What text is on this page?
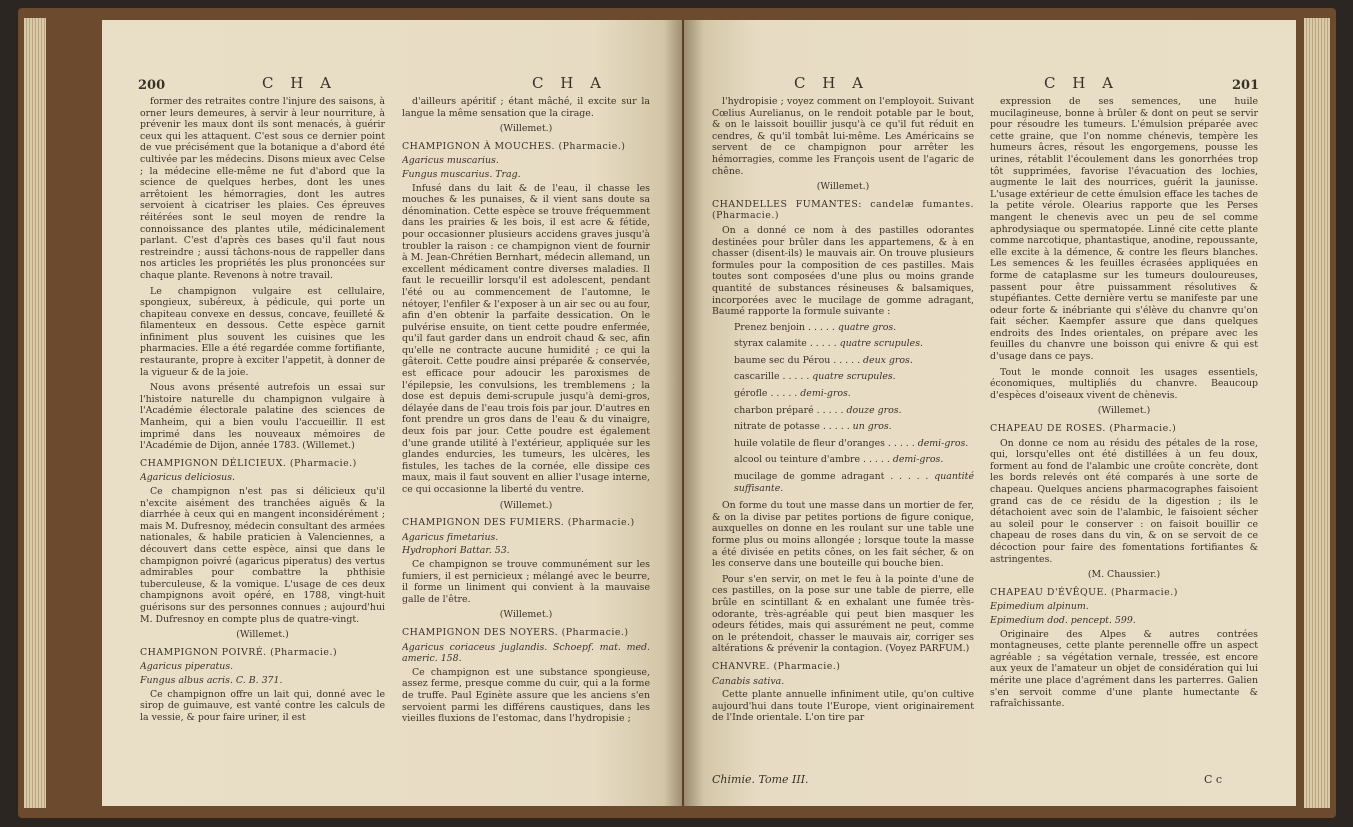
200	C H A	C H A

former des retraites contre l'injure des saisons, à orner leurs demeures, à servir à leur nourriture, à prévenir les maux dont ils sont menacés, à guérir ceux qui les attaquent. C'est sous ce dernier point de vue précisément que la botanique a d'abord été cultivée par les médecins. Disons mieux avec Celse ; la médecine elle-même ne fut d'abord que la science de quelques herbes, dont les unes arrêtoient les hémorragies, dont les autres servoient à cicatriser les plaies. Ces épreuves réitérées sont le seul moyen de rendre la connoissance des plantes utile, médicinalement parlant. C'est d'après ces bases qu'il faut nous restreindre ; aussi tâchons-nous de rappeller dans nos articles les propriétés les plus prononcées sur chaque plante. Revenons à notre travail.

Le champignon vulgaire est cellulaire, spongieux, subéreux, à pédicule, qui porte un chapiteau convexe en dessus, concave, feuilleté & filamenteux en dessous. Cette espèce garnit infiniment plus souvent les cuisines que les pharmacies. Elle a été regardée comme fortifiante, restaurante, propre à exciter l'appetit, à donner de la vigueur & de la joie.

Nous avons présenté autrefois un essai sur l'histoire naturelle du champignon vulgaire à l'Académie électorale palatine des sciences de Manheim, qui a bien voulu l'accueillir. Il est imprimé dans les nouveaux mémoires de l'Académie de Dijon, année 1783. (Willemet.)

CHAMPIGNON DÉLICIEUX. (Pharmacie.)

Agaricus deliciosus.

Ce champignon n'est pas si délicieux qu'il n'excite aisément des tranchées aiguës & la diarrhée à ceux qui en mangent inconsidérément ; mais M. Dufresnoy, médecin consultant des armées nationales, & habile praticien à Valenciennes, a découvert dans cette espèce, ainsi que dans le champignon poivré (agaricus piperatus) des vertus admirables pour combattre la phthisie tuberculeuse, & la vomique. L'usage de ces deux champignons avoit opéré, en 1788, vingt-huit guérisons sur des personnes connues ; aujourd'hui M. Dufresnoy en compte plus de quatre-vingt.

(Willemet.)

CHAMPIGNON POIVRÉ. (Pharmacie.)

Agaricus piperatus.

Fungus albus acris. C. B. 371.

Ce champignon offre un lait qui, donné avec le sirop de guimauve, est vanté contre les calculs de la vessie, & pour faire uriner, il est

d'ailleurs apéritif ; étant mâché, il excite sur la langue la même sensation que la cirage.

(Willemet.)

CHAMPIGNON À MOUCHES. (Pharmacie.)

Agaricus muscarius.

Fungus muscarius. Trag.

Infusé dans du lait & de l'eau, il chasse les mouches & les punaises, & il vient sans doute sa dénomination. Cette espèce se trouve fréquemment dans les prairies & les bois, il est acre & fétide, pour occasionner plusieurs accidens graves jusqu'à troubler la raison : ce champignon vient de fournir à M. Jean-Chrétien Bernhart, médecin allemand, un excellent médicament contre diverses maladies. Il faut le recueillir lorsqu'il est adolescent, pendant l'été ou au commencement de l'automne, le nétoyer, l'enfiler & l'exposer à un air sec ou au four, afin d'en obtenir la parfaite dessication. On le pulvérise ensuite, on tient cette poudre enfermée, qu'il faut garder dans un endroit chaud & sec, afin qu'elle ne contracte aucune humidité ; ce qui la gâteroit. Cette poudre ainsi préparée & conservée, est efficace pour adoucir les paroxismes de l'épilepsie, les convulsions, les tremblemens ; la dose est depuis demi-scrupule jusqu'à demi-gros, délayée dans de l'eau trois fois par jour. D'autres en font prendre un gros dans de l'eau & du vinaigre, deux fois par jour. Cette poudre est également d'une grande utilité à l'extérieur, appliquée sur les glandes endurcies, les tumeurs, les ulcères, les fistules, les taches de la cornée, elle dissipe ces maux, mais il faut souvent en allier l'usage interne, ce qui occasionne la liberté du ventre.

(Willemet.)

CHAMPIGNON DES FUMIERS. (Pharmacie.)

Agaricus fimetarius.

Hydrophori Battar. 53.

Ce champignon se trouve communément sur les fumiers, il est pernicieux ; mélangé avec le beurre, il forme un liniment qui convient à la mauvaise galle de l'être.

(Willemet.)

CHAMPIGNON DES NOYERS. (Pharmacie.)

Agaricus coriaceus juglandis. Schoepf. mat. med. americ. 158.

Ce champignon est une substance spongieuse, assez ferme, presque comme du cuir, qui a la forme de truffe. Paul Eginète assure que les anciens s'en servoient parmi les différens caustiques, dans les vieilles fluxions de l'estomac, dans l'hydropisie ;

C H A	C H A	201

l'hydropisie ; voyez comment on l'employoit. Suivant Cœlius Aurelianus, on le rendoit potable par le bout, & on le laissoit bouillir jusqu'à ce qu'il fut réduit en cendres, & qu'il tombât lui-même. Les Américains se servent de ce champignon pour arrêter les hémorragies, comme les François usent de l'agaric de chêne.

(Willemet.)

CHANDELLES FUMANTES: candelæ fumantes. (Pharmacie.)

On a donné ce nom à des pastilles odorantes destinées pour brûler dans les appartemens, & à en chasser (disent-ils) le mauvais air. On trouve plusieurs formules pour la composition de ces pastilles. Mais toutes sont composées d'une plus ou moins grande quantité de substances résineuses & balsamiques, incorporées avec le mucilage de gomme adragant, Baumé rapporte la formule suivante :

Prenez benjoin . . . . . quatre gros.
styrax calamite . . . . . quatre scrupules.
baume sec du Pérou . . . . . deux gros.
cascarille . . . . . quatre scrupules.
gérofle . . . . . demi-gros.
charbon préparé . . . . . douze gros.
nitrate de potasse . . . . . un gros.
huile volatile de fleur d'oranges . . . . . demi-gros.
alcool ou teinture d'ambre . . . . . demi-gros.
mucilage de gomme adragant . . . . . quantité suffisante.

On forme du tout une masse dans un mortier de fer, & on la divise par petites portions de figure conique, auxquelles on donne en les roulant sur une table une forme plus ou moins allongée ; lorsque toute la masse a été divisée en petits cônes, on les fait sécher, & on les conserve dans une bouteille qui bouche bien.

Pour s'en servir, on met le feu à la pointe d'une de ces pastilles, on la pose sur une table de pierre, elle brûle en scintillant & en exhalant une fumée très-odorante, très-agréable qui peut bien masquer les odeurs fétides, mais qui assurément ne peut, comme on le prétendoit, chasser le mauvais air, corriger ses altérations & prévenir la contagion. (Voyez PARFUM.)

CHANVRE. (Pharmacie.)

Canabis sativa.

Cette plante annuelle infiniment utile, qu'on cultive aujourd'hui dans toute l'Europe, vient originairement de l'Inde orientale. L'on tire par

expression de ses semences, une huile mucilagineuse, bonne à brûler & dont on peut se servir pour résoudre les tumeurs. L'émulsion préparée avec cette graine, que l'on nomme chénevis, tempère les humeurs âcres, résout les engorgemens, pousse les urines, rétablit l'écoulement dans les gonorrhées trop tôt supprimées, favorise l'évacuation des lochies, augmente le lait des nourrices, guérit la jaunisse. L'usage extérieur de cette émulsion efface les taches de la petite vérole. Olearius rapporte que les Perses mangent le chenevis avec un peu de sel comme aphrodysiaque ou spermatopée. Linné cite cette plante comme narcotique, phantastique, anodine, repoussante, elle excite à la démence, & contre les fleurs blanches. Les semences & les feuilles écrasées appliquées en forme de cataplasme sur les tumeurs douloureuses, passent pour être puissamment résolutives & stupéfiantes. Cette dernière vertu se manifeste par une odeur forte & inébriante qui s'élève du chanvre qu'on fait sécher. Kaempfer assure que dans quelques endroits des Indes orientales, on prépare avec les feuilles du chanvre une boisson qui enivre & qui est d'usage dans ce pays.

Tout le monde connoit les usages essentiels, économiques, multipliés du chanvre. Beaucoup d'espèces d'oiseaux vivent de chènevis.

(Willemet.)

CHAPEAU DE ROSES. (Pharmacie.)

On donne ce nom au résidu des pétales de la rose, qui, lorsqu'elles ont été distillées à un feu doux, forment au fond de l'alambic une croûte concrète, dont les bords relevés ont été comparés à une sorte de chapeau. Quelques anciens pharmacographes faisoient grand cas de ce résidu de la digestion ; ils le détachoient avec soin de l'alambic, le faisoient sécher au soleil pour le conserver : on faisoit bouillir ce chapeau de roses dans du vin, & on se servoit de ce décoction pour faire des fomentations fortifiantes & astringentes.

(M. Chaussier.)

CHAPEAU D'ÉVÊQUE. (Pharmacie.)

Epimedium alpinum.

Epimedium dod. pencept. 599.

Originaire des Alpes & autres contrées montagneuses, cette plante perennelle offre un aspect agréable ; sa végétation vernale, tressée, est encore aux yeux de l'amateur un objet de considération qui lui mérite une place d'agrément dans les parterres. Galien s'en servoit comme d'une plante humectante & rafraîchissante.

Chimie. Tome III.	C c
